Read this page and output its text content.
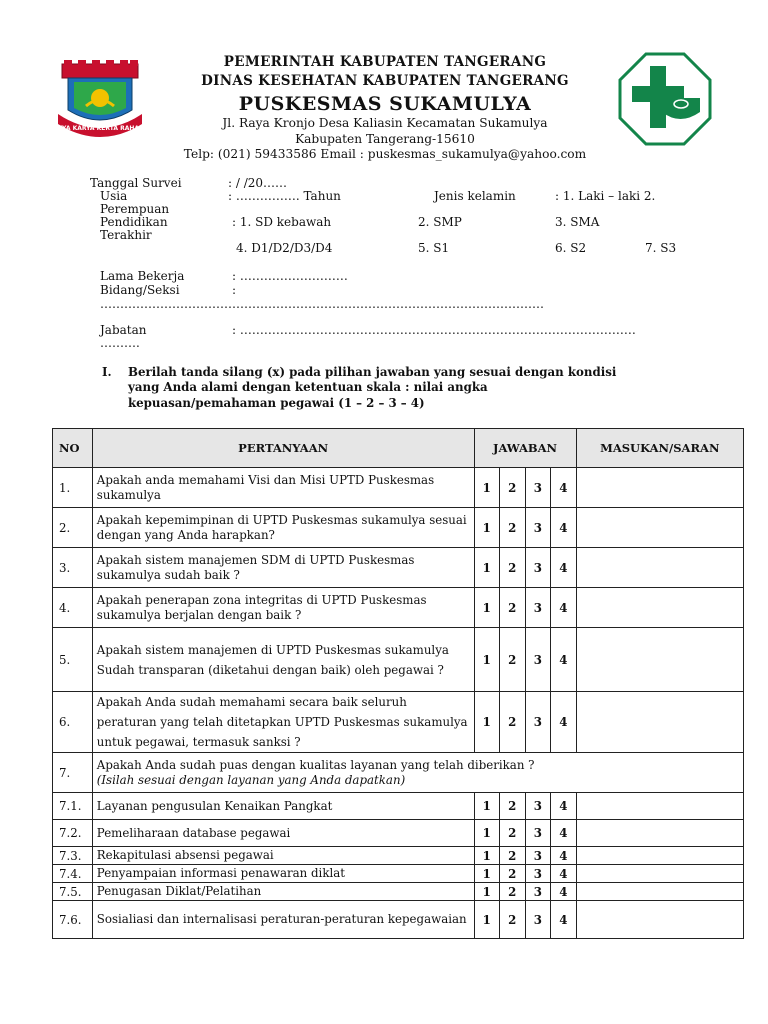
SATYA KARYA KERTA RAHARJA
PEMERINTAH KABUPATEN TANGERANG
DINAS KESEHATAN KABUPATEN TANGERANG
PUSKESMAS SUKAMULYA
Jl. Raya Kronjo Desa Kaliasin Kecamatan Sukamulya
Kabupaten Tangerang-15610
Telp: (021) 59433586 Email : puskesmas_sukamulya@yahoo.com
Tanggal Survei	: / /20……
Usia	: ……………. Tahun	Jenis kelamin	: 1. Laki – laki 2.
Perempuan
Pendidikan	: 1. SD kebawah	2. SMP	3. SMA
Terakhir
4. D1/D2/D3/D4	5. S1	6. S2	7. S3
Lama Bekerja	: ………………………
Bidang/Seksi	:
…………………………………………………………………………………………………
Jabatan	: ………………………………………………………………………………………
……….
I. Berilah tanda silang (x) pada pilihan jawaban yang sesuai dengan kondisi
yang Anda alami dengan ketentuan skala : nilai angka
kepuasan/pemahaman pegawai (1 – 2 – 3 – 4)
NO	PERTANYAAN	JAWABAN				MASUKAN/SARAN
1.	Apakah anda memahami Visi dan Misi UPTD Puskesmas sukamulya	1	2	3	4	
2.	Apakah kepemimpinan di UPTD Puskesmas sukamulya sesuai dengan yang Anda harapkan?	1	2	3	4	
3.	Apakah sistem manajemen SDM di UPTD Puskesmas sukamulya sudah baik ?	1	2	3	4	
4.	Apakah penerapan zona integritas di UPTD Puskesmas sukamulya berjalan dengan baik ?	1	2	3	4	
5.	Apakah sistem manajemen di UPTD Puskesmas sukamulya Sudah transparan (diketahui dengan baik) oleh pegawai ?	1	2	3	4	
6.	Apakah Anda sudah memahami secara baik seluruh peraturan yang telah ditetapkan UPTD Puskesmas sukamulya untuk pegawai, termasuk sanksi ?	1	2	3	4	
7.	Apakah Anda sudah puas dengan kualitas layanan yang telah diberikan ?
(Isilah sesuai dengan layanan yang Anda dapatkan)					

7.1.	Layanan pengusulan Kenaikan Pangkat	1	2	3	4	
7.2.	Pemeliharaan database pegawai	1	2	3	4	
7.3.	Rekapitulasi absensi pegawai	1	2	3	4	
7.4.	Penyampaian informasi penawaran diklat	1	2	3	4	
7.5.	Penugasan Diklat/Pelatihan	1	2	3	4	
7.6.	Sosialiasi dan internalisasi peraturan-peraturan kepegawaian	1	2	3	4	
